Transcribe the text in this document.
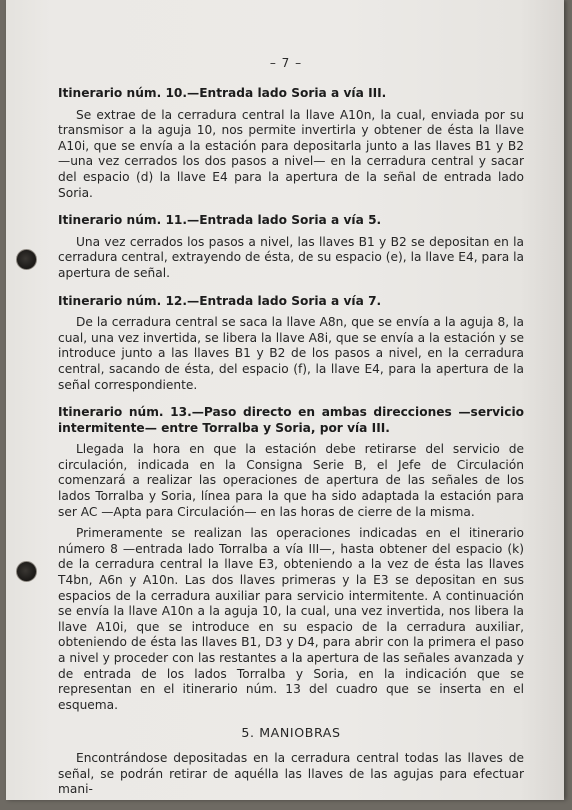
– 7 –
Itinerario núm. 10.—Entrada lado Soria a vía III.
Se extrae de la cerradura central la llave A10n, la cual, enviada por su transmisor a la aguja 10, nos permite invertirla y obtener de ésta la llave A10i, que se envía a la estación para depositarla junto a las llaves B1 y B2 —una vez cerrados los dos pasos a nivel— en la cerradura central y sacar del espacio (d) la llave E4 para la apertura de la señal de entrada lado Soria.
Itinerario núm. 11.—Entrada lado Soria a vía 5.
Una vez cerrados los pasos a nivel, las llaves B1 y B2 se depositan en la cerradura central, extrayendo de ésta, de su espacio (e), la llave E4, para la apertura de señal.
Itinerario núm. 12.—Entrada lado Soria a vía 7.
De la cerradura central se saca la llave A8n, que se envía a la aguja 8, la cual, una vez invertida, se libera la llave A8i, que se envía a la estación y se introduce junto a las llaves B1 y B2 de los pasos a nivel, en la cerradura central, sacando de ésta, del espacio (f), la llave E4, para la apertura de la señal correspondiente.
Itinerario núm. 13.—Paso directo en ambas direcciones —servicio intermitente— entre Torralba y Soria, por vía III.
Llegada la hora en que la estación debe retirarse del servicio de circulación, indicada en la Consigna Serie B, el Jefe de Circulación comenzará a realizar las operaciones de apertura de las señales de los lados Torralba y Soria, línea para la que ha sido adaptada la estación para ser AC —Apta para Circulación— en las horas de cierre de la misma.
Primeramente se realizan las operaciones indicadas en el itinerario número 8 —entrada lado Torralba a vía III—, hasta obtener del espacio (k) de la cerradura central la llave E3, obteniendo a la vez de ésta las llaves T4bn, A6n y A10n. Las dos llaves primeras y la E3 se depositan en sus espacios de la cerradura auxiliar para servicio intermitente. A continuación se envía la llave A10n a la aguja 10, la cual, una vez invertida, nos libera la llave A10i, que se introduce en su espacio de la cerradura auxiliar, obteniendo de ésta las llaves B1, D3 y D4, para abrir con la primera el paso a nivel y proceder con las restantes a la apertura de las señales avanzada y de entrada de los lados Torralba y Soria, en la indicación que se representan en el itinerario núm. 13 del cuadro que se inserta en el esquema.
5. MANIOBRAS
Encontrándose depositadas en la cerradura central todas las llaves de señal, se podrán retirar de aquélla las llaves de las agujas para efectuar mani-
